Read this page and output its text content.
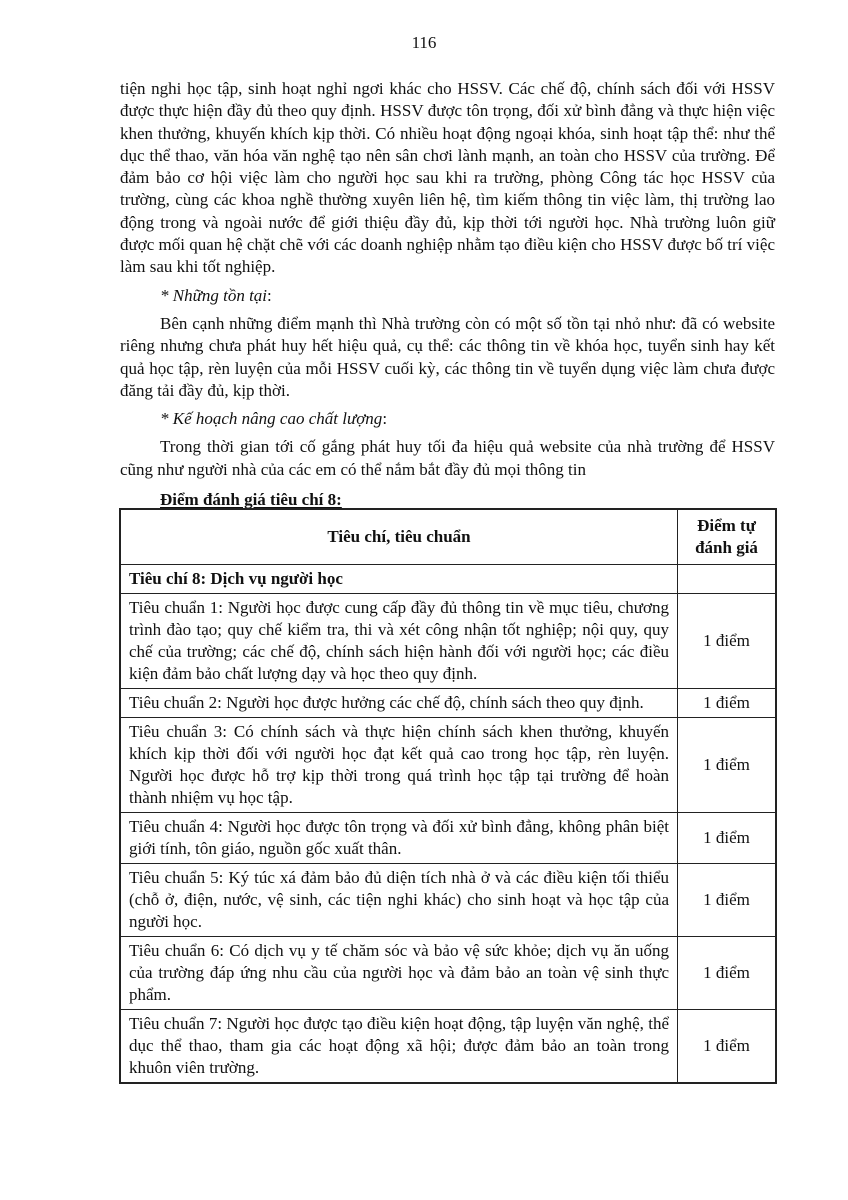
116

tiện nghi học tập, sinh hoạt nghỉ ngơi khác cho HSSV. Các chế độ, chính sách đối với HSSV được thực hiện đầy đủ theo quy định. HSSV được tôn trọng, đối xử bình đẳng và thực hiện việc khen thưởng, khuyến khích kịp thời. Có nhiều hoạt động ngoại khóa, sinh hoạt tập thể: như thể dục thể thao, văn hóa văn nghệ tạo nên sân chơi lành mạnh, an toàn cho HSSV của trường. Để đảm bảo cơ hội việc làm cho người học sau khi ra trường, phòng Công tác học HSSV của trường, cùng các khoa nghề thường xuyên liên hệ, tìm kiếm thông tin việc làm, thị trường lao động trong và ngoài nước để giới thiệu đầy đủ, kịp thời tới người học. Nhà trường luôn giữ được mối quan hệ chặt chẽ với các doanh nghiệp nhằm tạo điều kiện cho HSSV được bố trí việc làm sau khi tốt nghiệp.

* Những tồn tại:

Bên cạnh những điểm mạnh thì Nhà trường còn có một số tồn tại nhỏ như: đã có website riêng nhưng chưa phát huy hết hiệu quả, cụ thể: các thông tin về khóa học, tuyển sinh hay kết quả học tập, rèn luyện của mỗi HSSV cuối kỳ, các thông tin về tuyển dụng việc làm chưa được đăng tải đầy đủ, kịp thời.

* Kế hoạch nâng cao chất lượng:

Trong thời gian tới cố gắng phát huy tối đa hiệu quả website của nhà trường để HSSV cũng như người nhà của các em có thể nắm bắt đầy đủ mọi thông tin

Điểm đánh giá tiêu chí 8:

Tiêu chí, tiêu chuẩn	Điểm tự đánh giá
Tiêu chí 8: Dịch vụ người học	
Tiêu chuẩn 1: Người học được cung cấp đầy đủ thông tin về mục tiêu, chương trình đào tạo; quy chế kiểm tra, thi và xét công nhận tốt nghiệp; nội quy, quy chế của trường; các chế độ, chính sách hiện hành đối với người học; các điều kiện đảm bảo chất lượng dạy và học theo quy định.	1 điểm
Tiêu chuẩn 2: Người học được hưởng các chế độ, chính sách theo quy định.	1 điểm
Tiêu chuẩn 3: Có chính sách và thực hiện chính sách khen thưởng, khuyến khích kịp thời đối với người học đạt kết quả cao trong học tập, rèn luyện. Người học được hỗ trợ kịp thời trong quá trình học tập tại trường để hoàn thành nhiệm vụ học tập.	1 điểm
Tiêu chuẩn 4: Người học được tôn trọng và đối xử bình đẳng, không phân biệt giới tính, tôn giáo, nguồn gốc xuất thân.	1 điểm
Tiêu chuẩn 5: Ký túc xá đảm bảo đủ diện tích nhà ở và các điều kiện tối thiểu (chỗ ở, điện, nước, vệ sinh, các tiện nghi khác) cho sinh hoạt và học tập của người học.	1 điểm
Tiêu chuẩn 6: Có dịch vụ y tế chăm sóc và bảo vệ sức khỏe; dịch vụ ăn uống của trường đáp ứng nhu cầu của người học và đảm bảo an toàn vệ sinh thực phẩm.	1 điểm
Tiêu chuẩn 7: Người học được tạo điều kiện hoạt động, tập luyện văn nghệ, thể dục thể thao, tham gia các hoạt động xã hội; được đảm bảo an toàn trong khuôn viên trường.	1 điểm
